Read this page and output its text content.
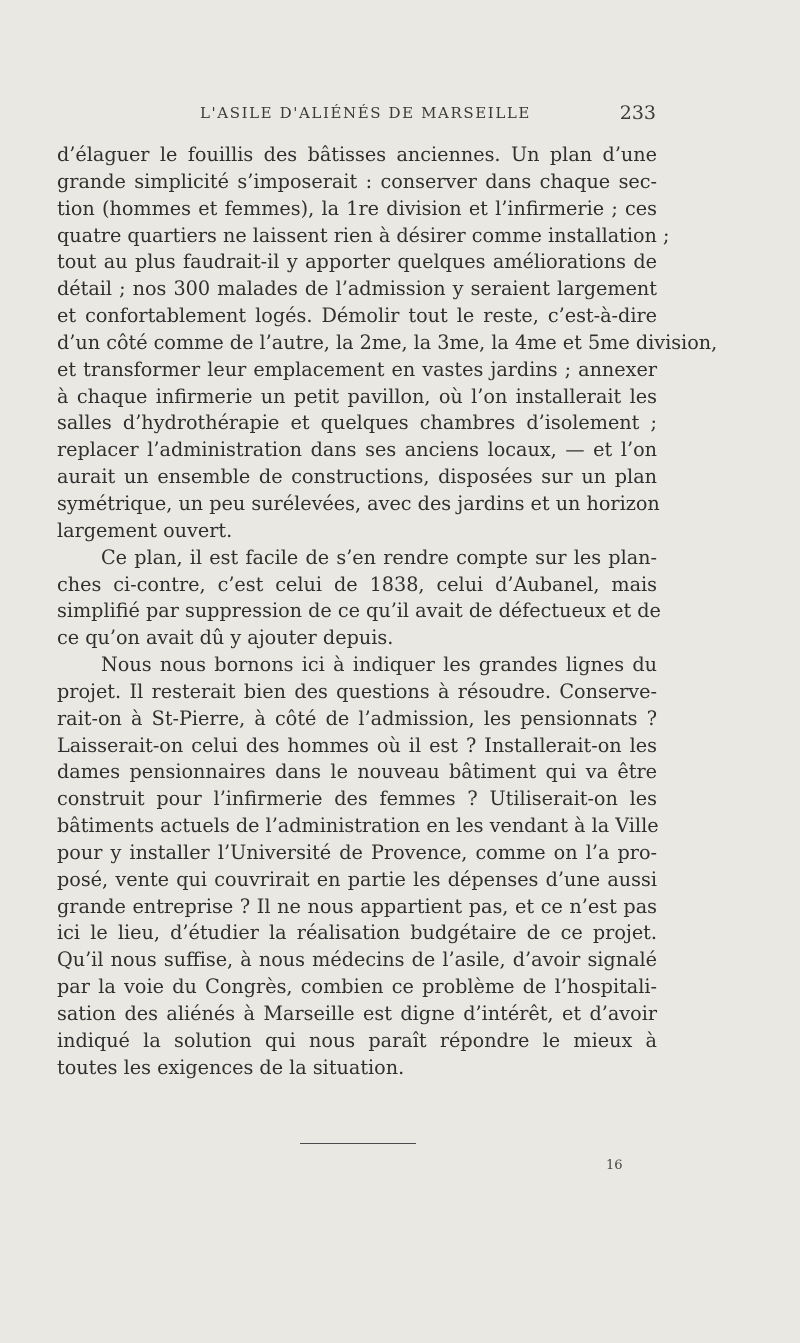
L'ASILE D'ALIÉNÉS DE MARSEILLE	233
d’élaguer le fouillis des bâtisses anciennes. Un plan d’une
grande simplicité s’imposerait : conserver dans chaque sec-
tion (hommes et femmes), la 1re division et l’infirmerie ; ces
quatre quartiers ne laissent rien à désirer comme installation ;
tout au plus faudrait-il y apporter quelques améliorations de
détail ; nos 300 malades de l’admission y seraient largement
et confortablement logés. Démolir tout le reste, c’est-à-dire
d’un côté comme de l’autre, la 2me, la 3me, la 4me et 5me division,
et transformer leur emplacement en vastes jardins ; annexer
à chaque infirmerie un petit pavillon, où l’on installerait les
salles d’hydrothérapie et quelques chambres d’isolement ;
replacer l’administration dans ses anciens locaux, — et l’on
aurait un ensemble de constructions, disposées sur un plan
symétrique, un peu surélevées, avec des jardins et un horizon
largement ouvert.
Ce plan, il est facile de s’en rendre compte sur les plan-
ches ci-contre, c’est celui de 1838, celui d’Aubanel, mais
simplifié par suppression de ce qu’il avait de défectueux et de
ce qu’on avait dû y ajouter depuis.
Nous nous bornons ici à indiquer les grandes lignes du
projet. Il resterait bien des questions à résoudre. Conserve-
rait-on à St-Pierre, à côté de l’admission, les pensionnats ?
Laisserait-on celui des hommes où il est ? Installerait-on les
dames pensionnaires dans le nouveau bâtiment qui va être
construit pour l’infirmerie des femmes ? Utiliserait-on les
bâtiments actuels de l’administration en les vendant à la Ville
pour y installer l’Université de Provence, comme on l’a pro-
posé, vente qui couvrirait en partie les dépenses d’une aussi
grande entreprise ? Il ne nous appartient pas, et ce n’est pas
ici le lieu, d’étudier la réalisation budgétaire de ce projet.
Qu’il nous suffise, à nous médecins de l’asile, d’avoir signalé
par la voie du Congrès, combien ce problème de l’hospitali-
sation des aliénés à Marseille est digne d’intérêt, et d’avoir
indiqué la solution qui nous paraît répondre le mieux à
toutes les exigences de la situation.
16
